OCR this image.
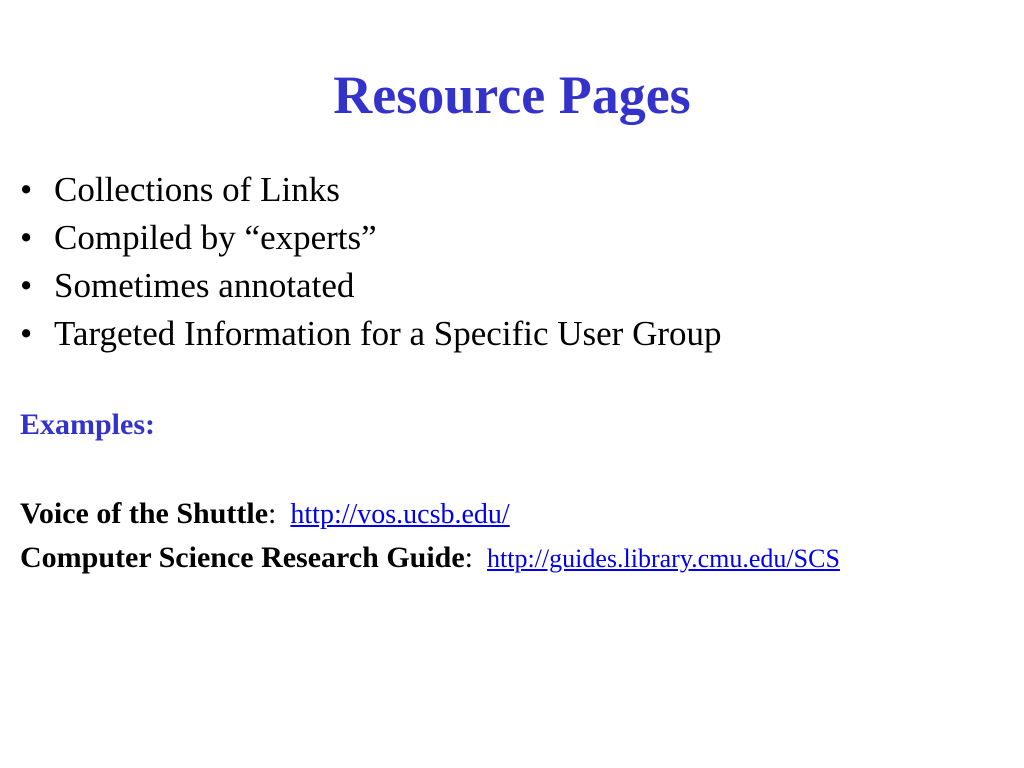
Resource Pages
• Collections of Links
• Compiled by “experts”
• Sometimes annotated
• Targeted Information for a Specific User Group
Examples:
Voice of the Shuttle: http://vos.ucsb.edu/
Computer Science Research Guide: http://guides.library.cmu.edu/SCS
